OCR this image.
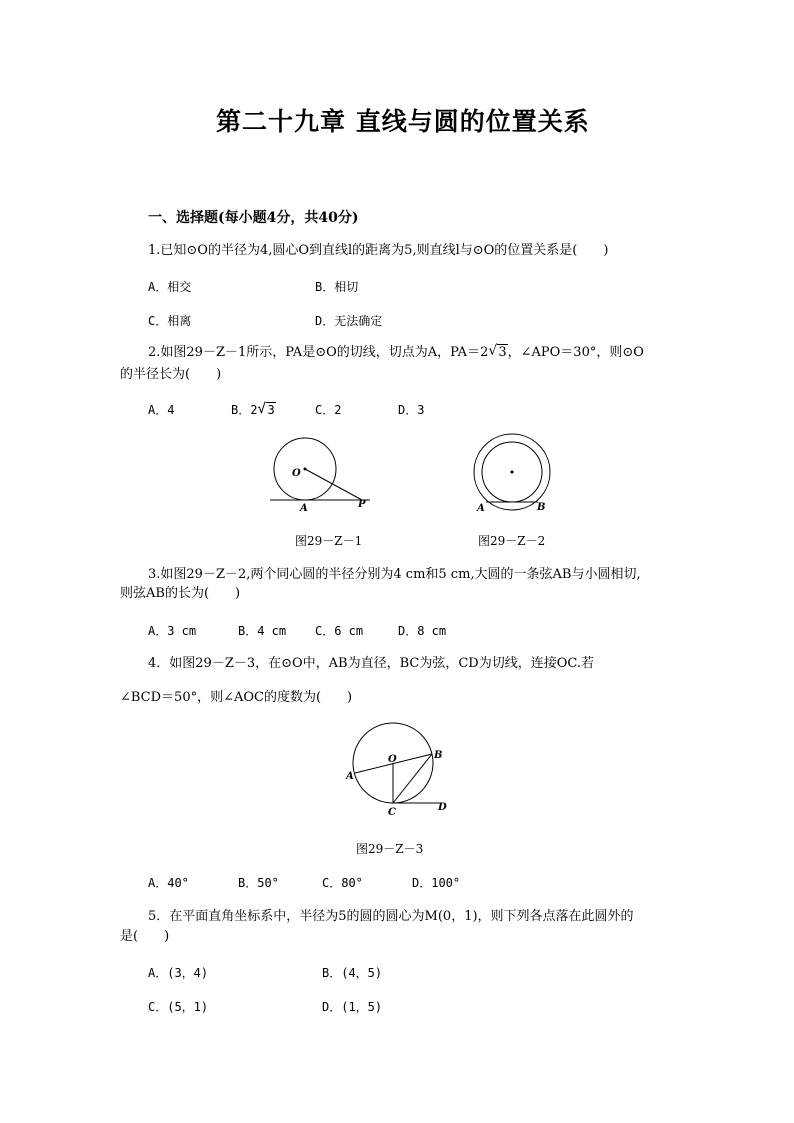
第二十九章 直线与圆的位置关系
一、选择题(每小题4分，共40分)
1.已知⊙O的半径为4,圆心O到直线l的距离为5,则直线l与⊙O的位置关系是(　　)
A．相交	B．相切
C．相离	D．无法确定
2.如图29－Z－1所示，PA是⊙O的切线，切点为A，PA＝2 √ 3，∠APO＝30°，则⊙O
的半径长为(　　)
A．4	B．2 √ 3	C．2	D．3
O
A	P
图29－Z－1
A	B
图29－Z－2
3.如图29－Z－2,两个同心圆的半径分别为4 cm和5 cm,大圆的一条弦AB与小圆相切,
则弦AB的长为(　　)
A．3 cm	B．4 cm C．6 cm	D．8 cm
4．如图29－Z－3，在⊙O中，AB为直径，BC为弦，CD为切线，连接OC.若
∠BCD＝50°，则∠AOC的度数为(　　)
O
A
B
C	D
图29－Z－3
A．40°	B．50°	C．80°	D．100°
5．在平面直角坐标系中，半径为5的圆的圆心为M(0，1)，则下列各点落在此圆外的
是(　　)
A．(3，4)	B．(4，5)
C．(5，1)	D．(1，5)
